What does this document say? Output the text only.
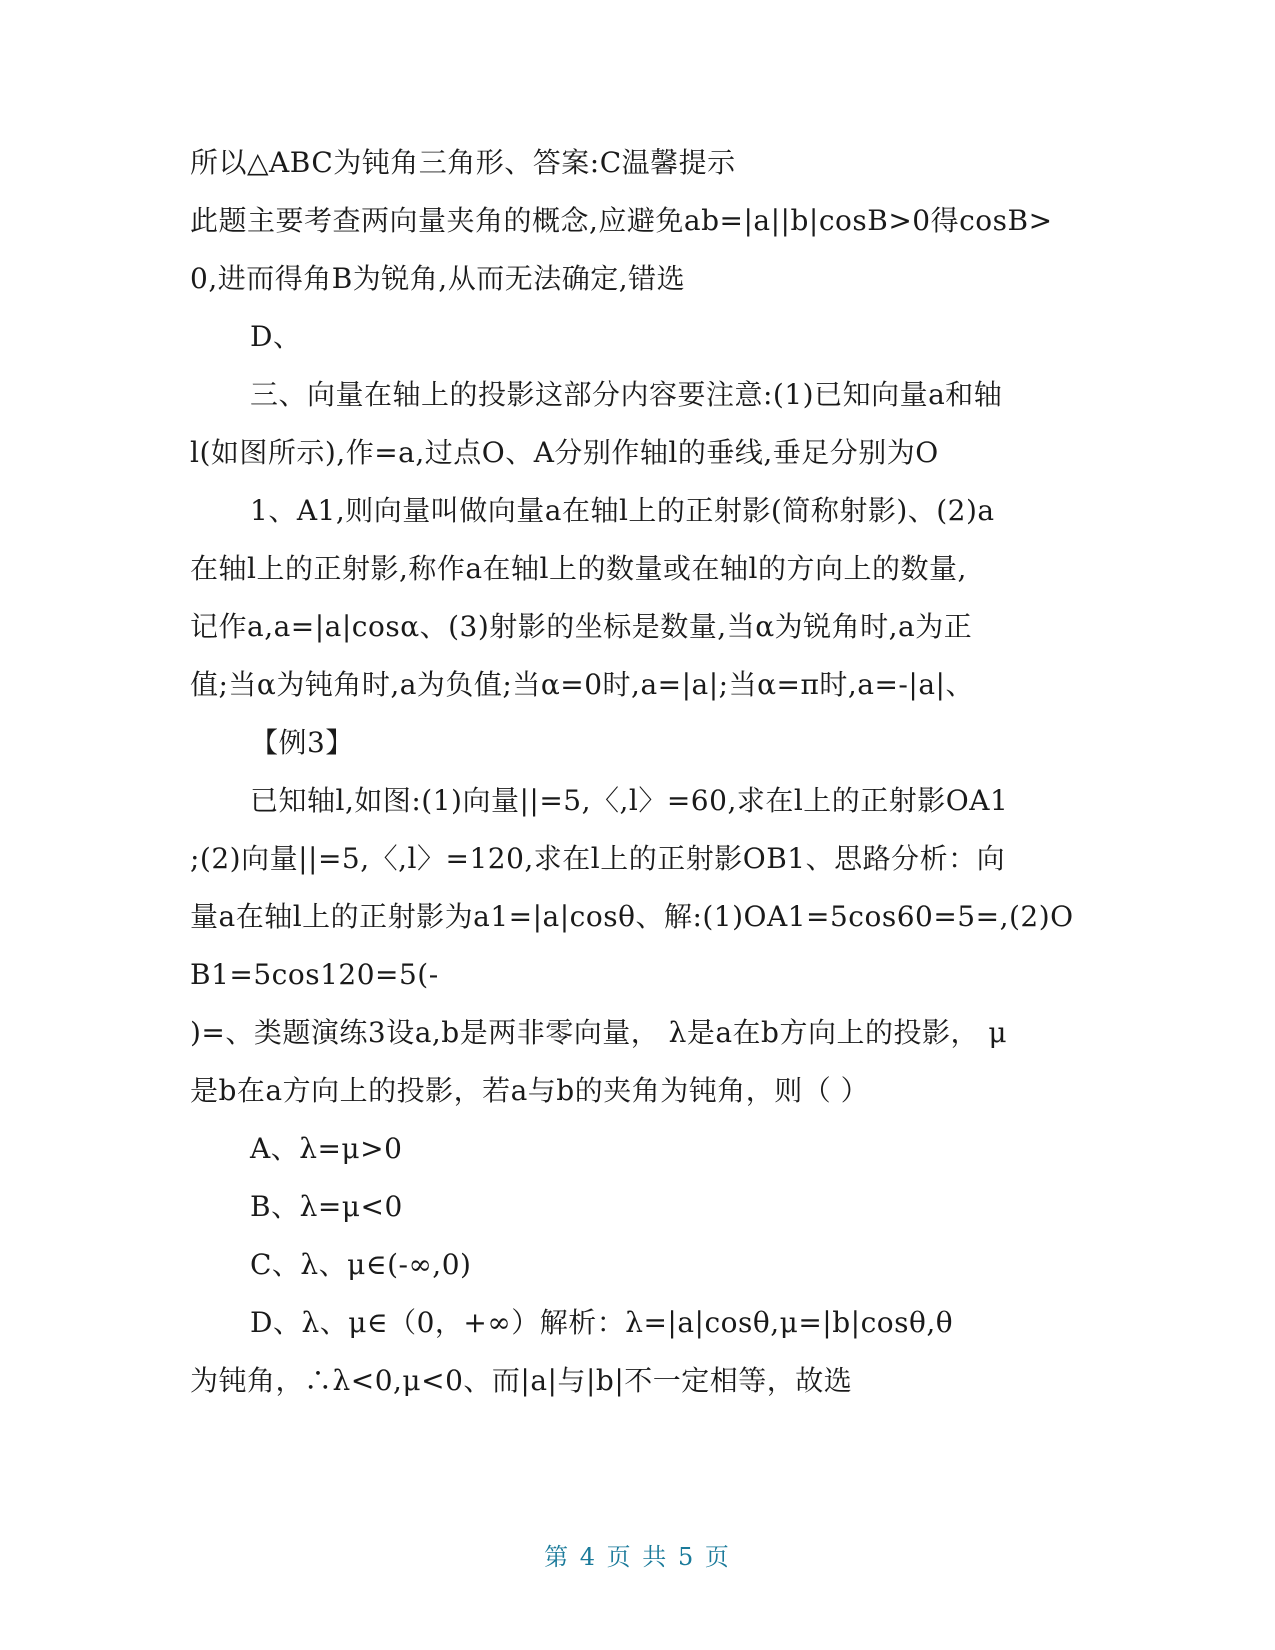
所以△ABC为钝角三角形、答案:C温馨提示
此题主要考查两向量夹角的概念,应避免ab=|a||b|cosB>0得cosB>
0,进而得角B为锐角,从而无法确定,错选
D、
三、向量在轴上的投影这部分内容要注意:(1)已知向量a和轴
l(如图所示),作=a,过点O、A分别作轴l的垂线,垂足分别为O
1、A1,则向量叫做向量a在轴l上的正射影(简称射影)、(2)a
在轴l上的正射影,称作a在轴l上的数量或在轴l的方向上的数量,
记作a,a=|a|cosα、(3)射影的坐标是数量,当α为锐角时,a为正
值;当α为钝角时,a为负值;当α=0时,a=|a|;当α=π时,a=-|a|、
【例3】
已知轴l,如图:(1)向量||=5,〈,l〉=60,求在l上的正射影OA1
;(2)向量||=5,〈,l〉=120,求在l上的正射影OB1、思路分析：向
量a在轴l上的正射影为a1=|a|cosθ、解:(1)OA1=5cos60=5=,(2)O
B1=5cos120=5(-
)=、类题演练3设a,b是两非零向量， λ是a在b方向上的投影， μ
是b在a方向上的投影，若a与b的夹角为钝角，则（ ）
A、λ=μ>0
B、λ=μ<0
C、λ、μ∈(-∞,0)
D、λ、μ∈（0，+∞）解析：λ=|a|cosθ,μ=|b|cosθ,θ
为钝角，∴λ<0,μ<0、而|a|与|b|不一定相等，故选
第 4 页 共 5 页
